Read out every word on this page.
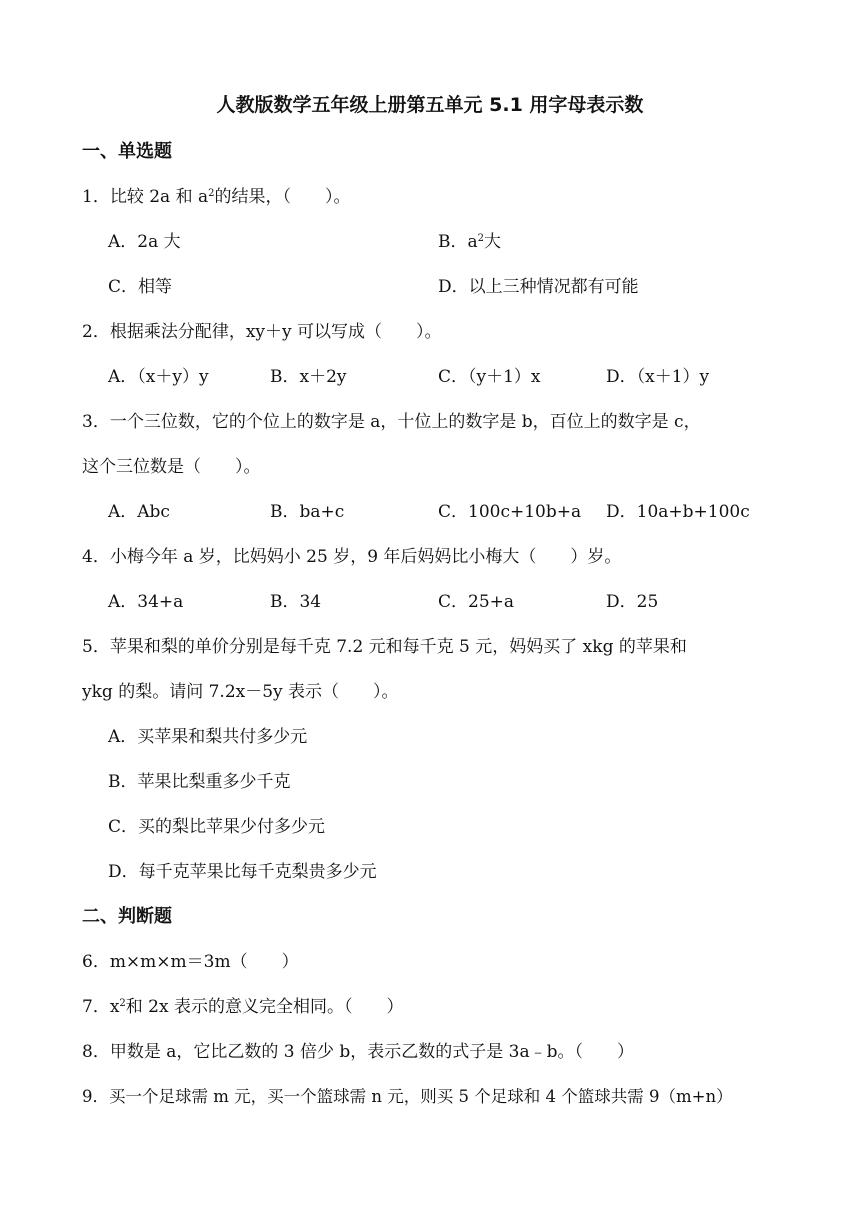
人教版数学五年级上册第五单元 5.1 用字母表示数
一、单选题
1．比较 2a 和 $a^2$的结果，（　　）。
A．2a 大	B．$a^2$大
C．相等	D．以上三种情况都有可能
2．根据乘法分配律，xy＋y 可以写成（　　）。
A．（x＋y）y	B．x＋2y	C．（y＋1）x	D．（x＋1）y
3．一个三位数，它的个位上的数字是 a，十位上的数字是 b，百位上的数字是 c，
这个三位数是（　　）。
A．Abc	B．ba+c	C．100c+10b+a D．10a+b+100c
4．小梅今年 a 岁，比妈妈小 25 岁，9 年后妈妈比小梅大（　　）岁。
A．34+a	B．34	C．25+a	D．25
5．苹果和梨的单价分别是每千克 7.2 元和每千克 5 元，妈妈买了 xkg 的苹果和
ykg 的梨。请问 7.2x－5y 表示（　　）。
A．买苹果和梨共付多少元
B．苹果比梨重多少千克
C．买的梨比苹果少付多少元
D．每千克苹果比每千克梨贵多少元
二、判断题
6．m×m×m＝3m（　　）
7．$x^2$和 2x 表示的意义完全相同。（　　）
8．甲数是 a，它比乙数的 3 倍少 b，表示乙数的式子是 3a﹣b。（　　）
9．买一个足球需 m 元，买一个篮球需 n 元，则买 5 个足球和 4 个篮球共需 9（m+n）
